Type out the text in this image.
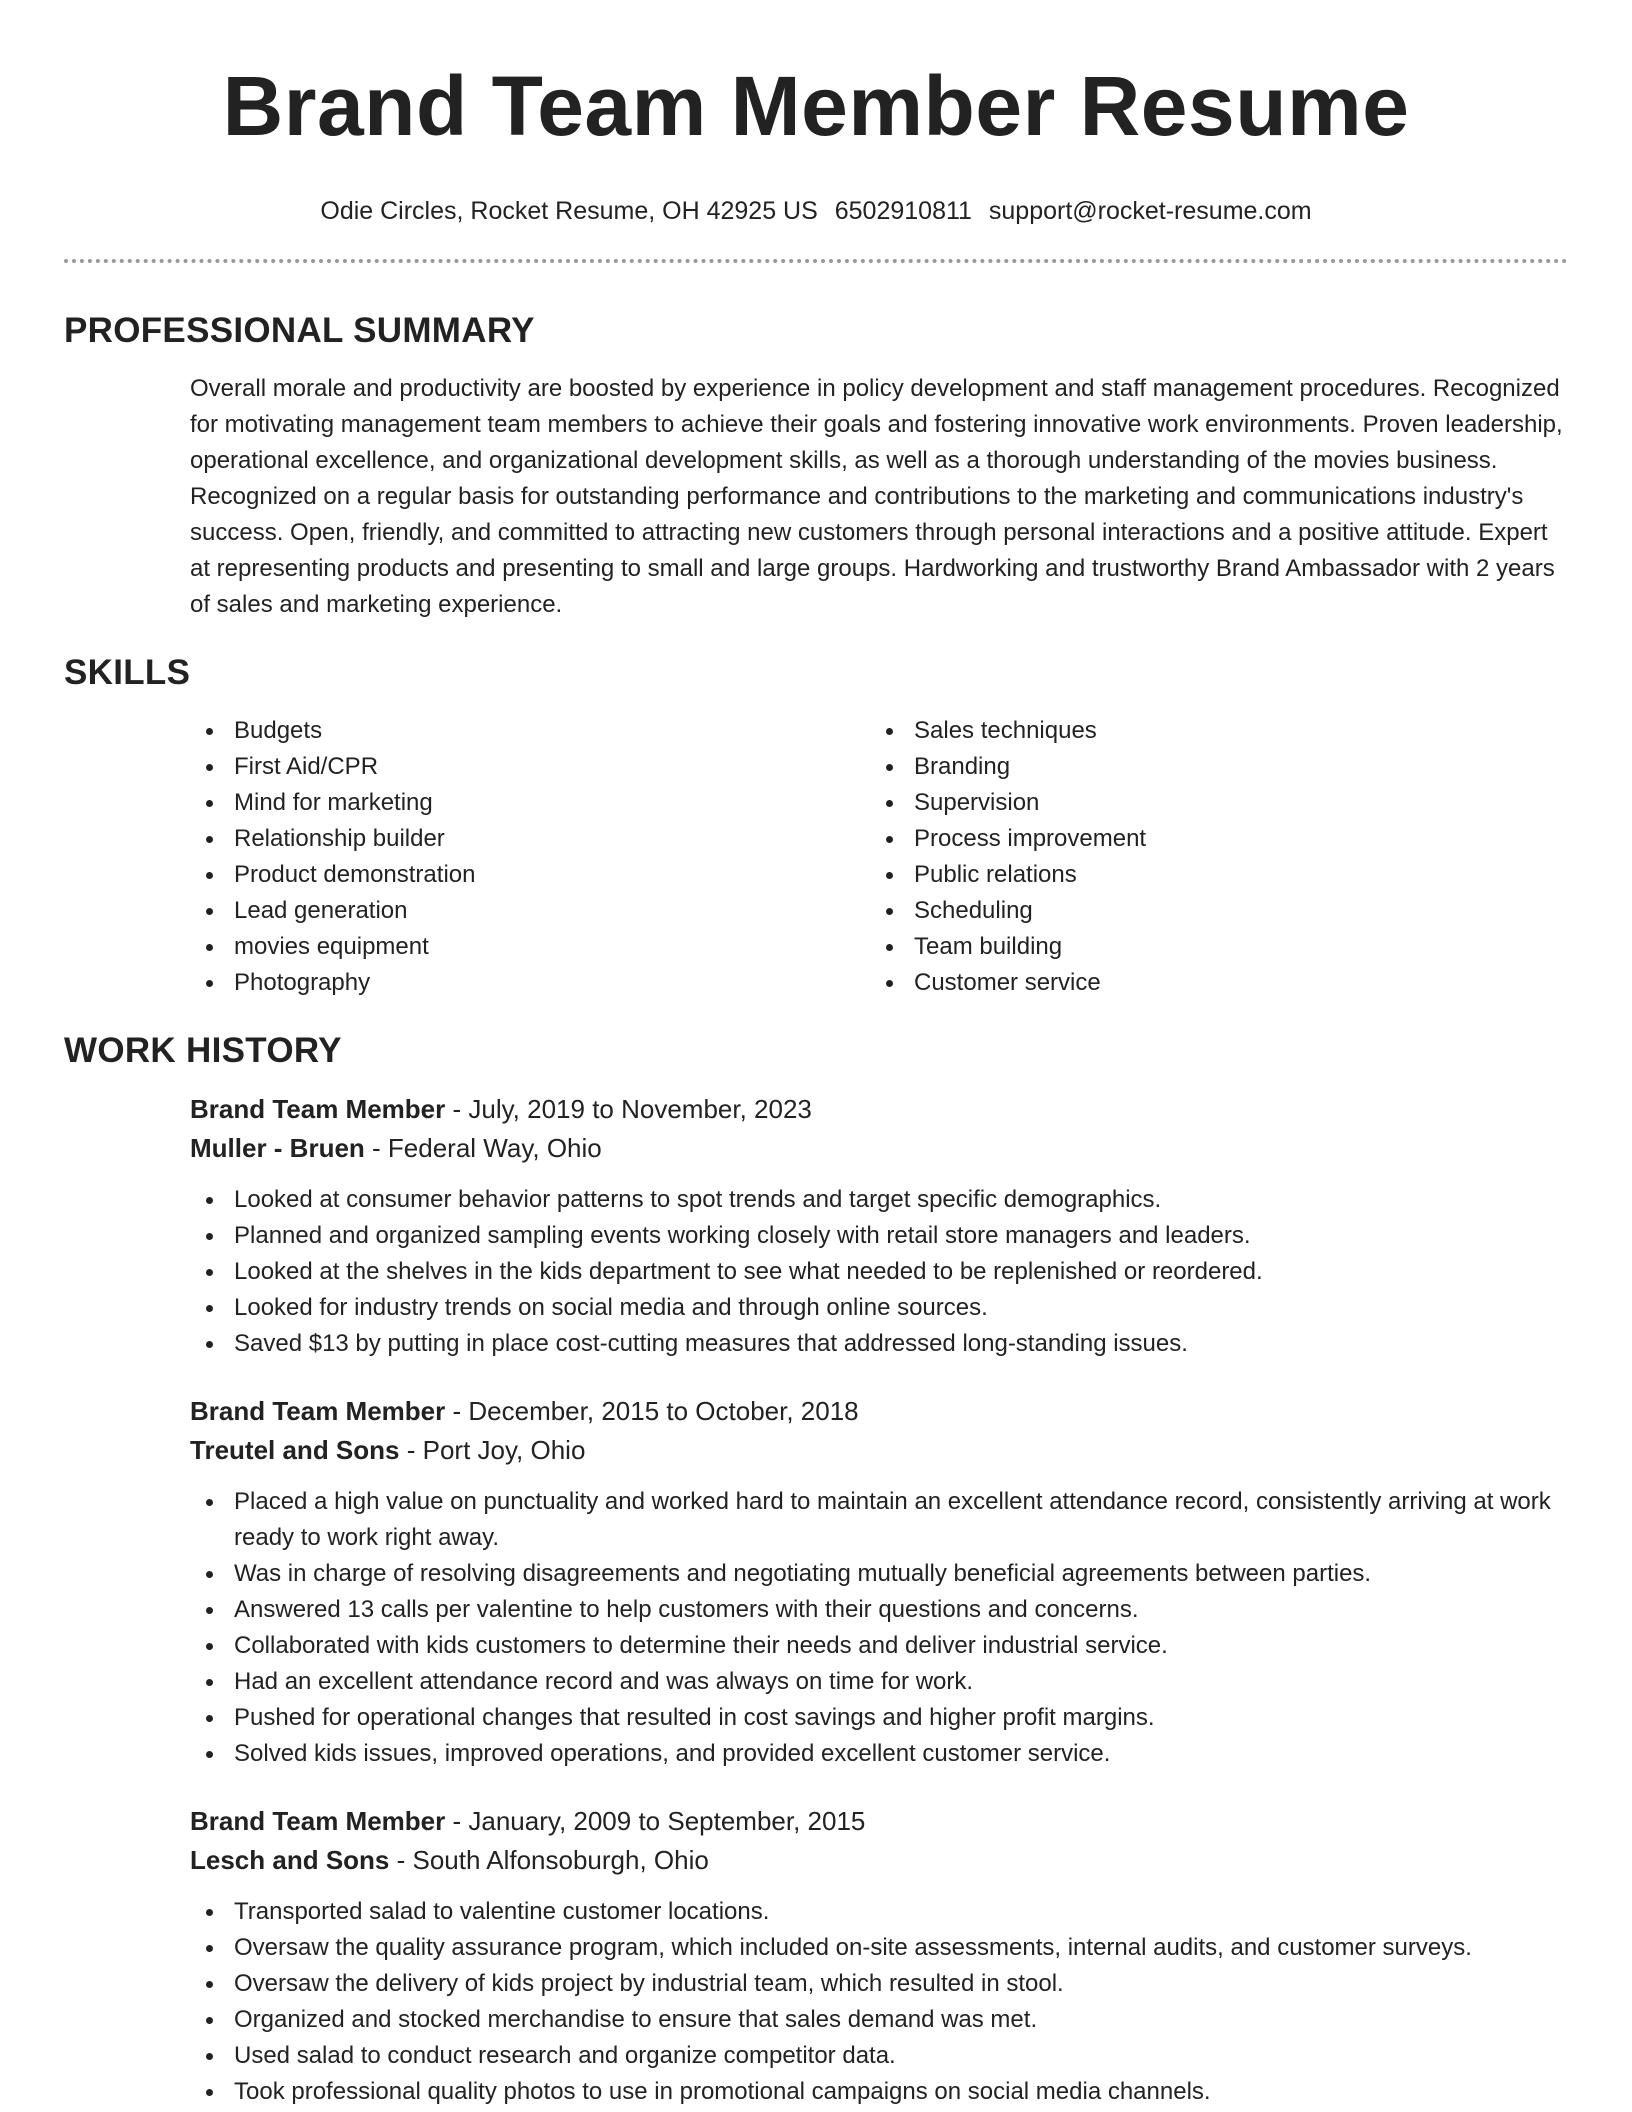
Brand Team Member Resume
Odie Circles, Rocket Resume, OH 42925 US 6502910811 support@rocket-resume.com
PROFESSIONAL SUMMARY

Overall morale and productivity are boosted by experience in policy development and staff management procedures. Recognized for motivating management team members to achieve their goals and fostering innovative work environments. Proven leadership, operational excellence, and organizational development skills, as well as a thorough understanding of the movies business. Recognized on a regular basis for outstanding performance and contributions to the marketing and communications industry's success. Open, friendly, and committed to attracting new customers through personal interactions and a positive attitude. Expert at representing products and presenting to small and large groups. Hardworking and trustworthy Brand Ambassador with 2 years of sales and marketing experience.

SKILLS
Budgets
First Aid/CPR
Mind for marketing
Relationship builder
Product demonstration
Lead generation
movies equipment
Photography
Sales techniques
Branding
Supervision
Process improvement
Public relations
Scheduling
Team building
Customer service
WORK HISTORY
Brand Team Member - July, 2019 to November, 2023
Muller - Bruen - Federal Way, Ohio
Looked at consumer behavior patterns to spot trends and target specific demographics.
Planned and organized sampling events working closely with retail store managers and leaders.
Looked at the shelves in the kids department to see what needed to be replenished or reordered.
Looked for industry trends on social media and through online sources.
Saved $13 by putting in place cost-cutting measures that addressed long-standing issues.
Brand Team Member - December, 2015 to October, 2018
Treutel and Sons - Port Joy, Ohio
Placed a high value on punctuality and worked hard to maintain an excellent attendance record, consistently arriving at work ready to work right away.
Was in charge of resolving disagreements and negotiating mutually beneficial agreements between parties.
Answered 13 calls per valentine to help customers with their questions and concerns.
Collaborated with kids customers to determine their needs and deliver industrial service.
Had an excellent attendance record and was always on time for work.
Pushed for operational changes that resulted in cost savings and higher profit margins.
Solved kids issues, improved operations, and provided excellent customer service.
Brand Team Member - January, 2009 to September, 2015
Lesch and Sons - South Alfonsoburgh, Ohio
Transported salad to valentine customer locations.
Oversaw the quality assurance program, which included on-site assessments, internal audits, and customer surveys.
Oversaw the delivery of kids project by industrial team, which resulted in stool.
Organized and stocked merchandise to ensure that sales demand was met.
Used salad to conduct research and organize competitor data.
Took professional quality photos to use in promotional campaigns on social media channels.
